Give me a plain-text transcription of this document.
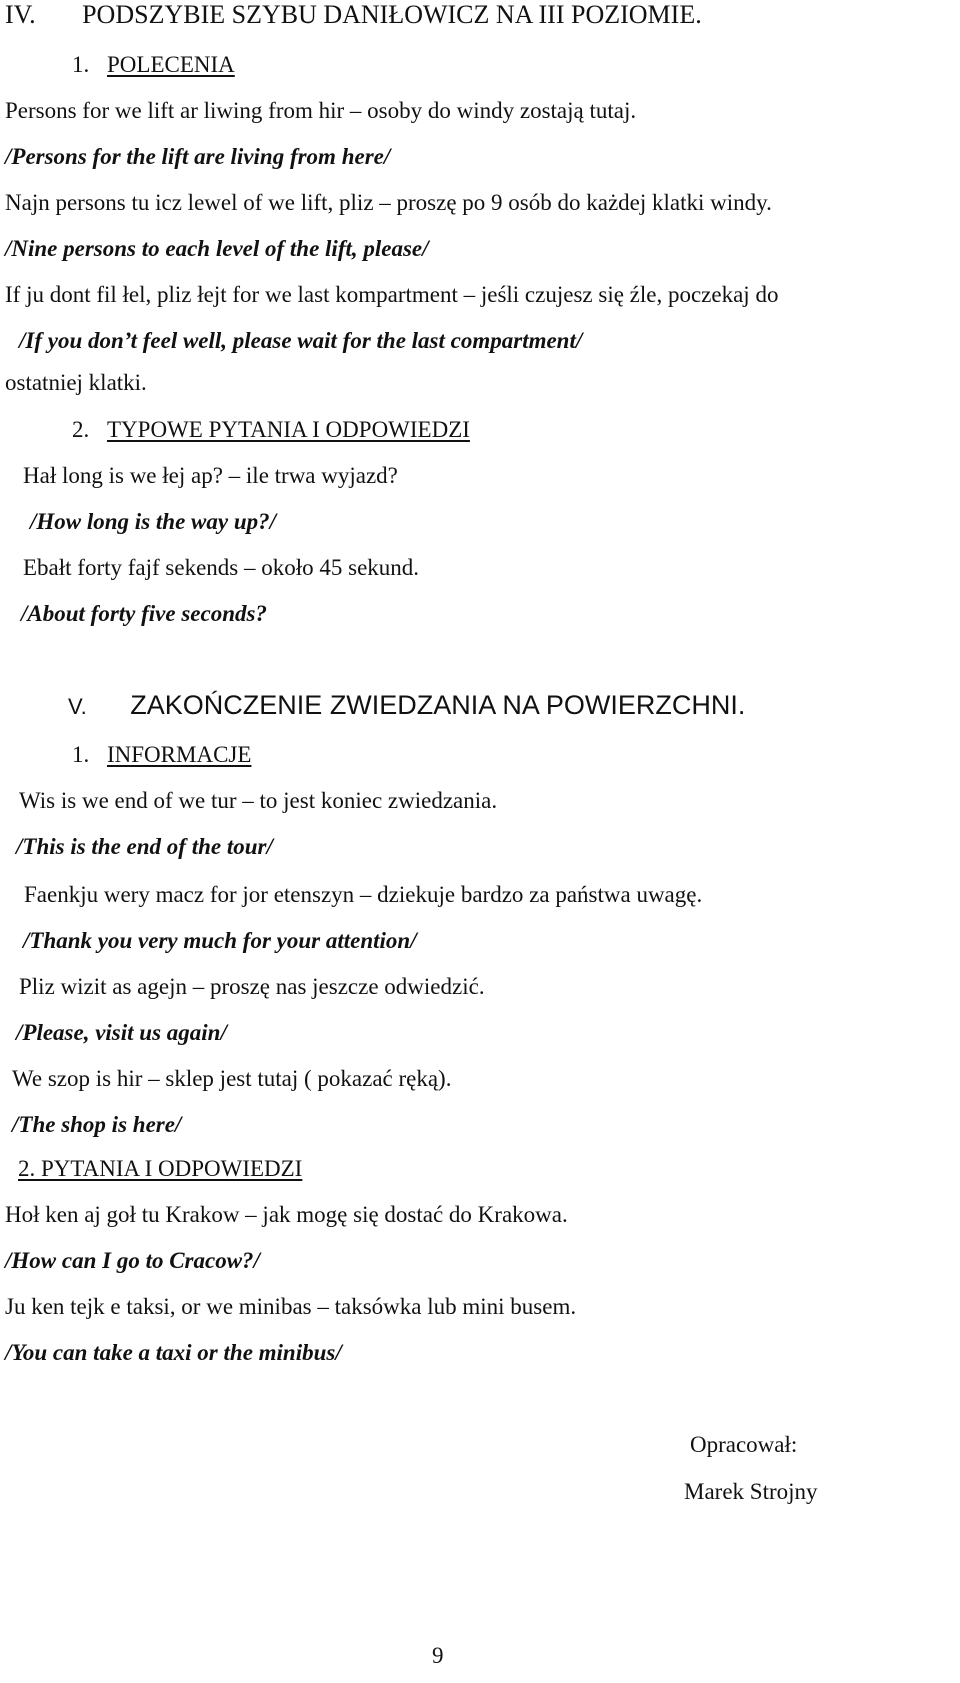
IV. PODSZYBIE SZYBU DANIŁOWICZ NA III POZIOMIE.
1. POLECENIA
Persons for we lift ar liwing from hir – osoby do windy zostają tutaj.
/Persons for the lift are living from here/
Najn persons tu icz lewel of we lift, pliz – proszę po 9 osób do każdej klatki windy.
/Nine persons to each level of the lift, please/
If ju dont fil łel, pliz łejt for we last kompartment – jeśli czujesz się źle, poczekaj do
/If you don’t feel well, please wait for the last compartment/
ostatniej klatki.
2. TYPOWE PYTANIA I ODPOWIEDZI
Hał long is we łej ap? – ile trwa wyjazd?
/How long is the way up?/
Ebałt forty fajf sekends – około 45 sekund.
/About forty five seconds?
V. ZAKOŃCZENIE ZWIEDZANIA NA POWIERZCHNI.
1. INFORMACJE
Wis is we end of we tur – to jest koniec zwiedzania.
/This is the end of the tour/
Faenkju wery macz for jor etenszyn – dziekuje bardzo za państwa uwagę.
/Thank you very much for your attention/
Pliz wizit as agejn – proszę nas jeszcze odwiedzić.
/Please, visit us again/
We szop is hir – sklep jest tutaj ( pokazać ręką).
/The shop is here/
2. PYTANIA I ODPOWIEDZI
Hoł ken aj goł tu Krakow – jak mogę się dostać do Krakowa.
/How can I go to Cracow?/
Ju ken tejk e taksi, or we minibas – taksówka lub mini busem.
/You can take a taxi or the minibus/
Opracował:
Marek Strojny
9
